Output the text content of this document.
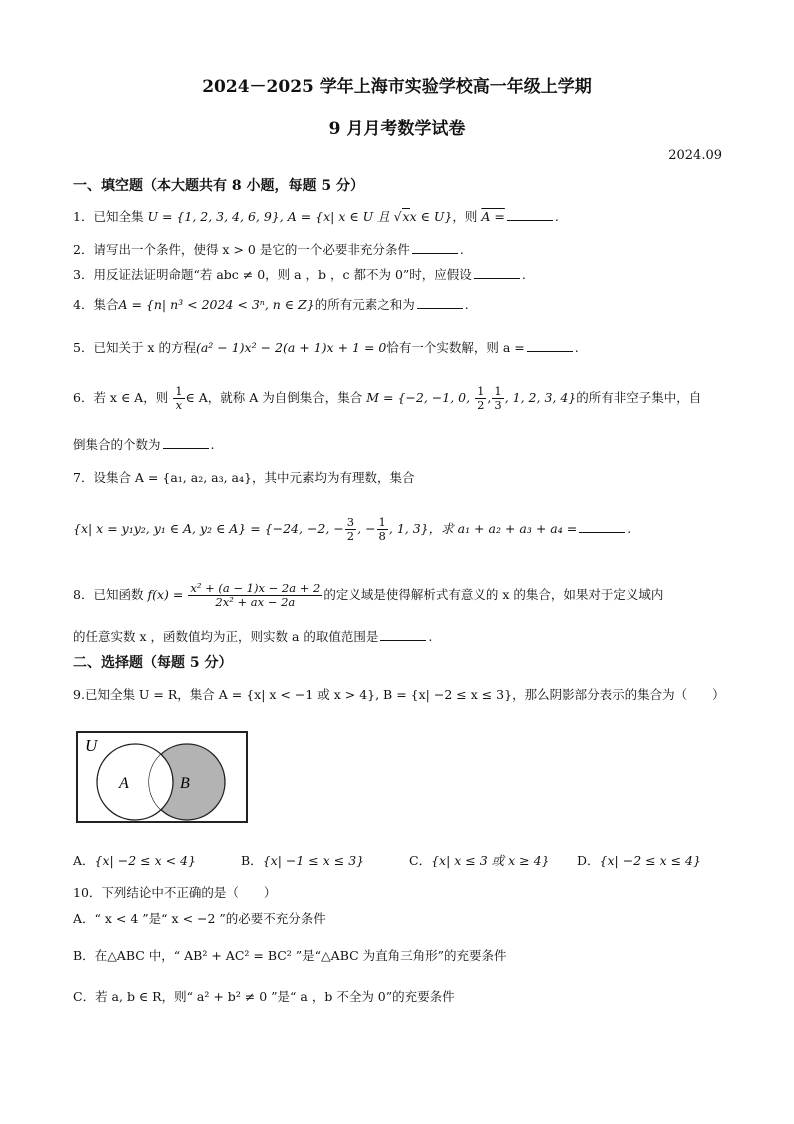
2024－2025 学年上海市实验学校高一年级上学期
9 月月考数学试卷
2024.09
一、填空题（本大题共有 8 小题，每题 5 分）
1．已知全集 U = {1, 2, 3, 4, 6, 9}, A = {x| x ∈ U 且 √xx ∈ U}，则 A =	.
2．请写出一个条件，使得 x > 0 是它的一个必要非充分条件	.
3．用反证法证明命题“若 abc ≠ 0，则 a ，b ，c 都不为 0”时，应假设	.
4．集合A = {n| n³ < 2024 < 3ⁿ, n ∈ Z}的所有元素之和为	.
5．已知关于 x 的方程(a² − 1)x² − 2(a + 1)x + 1 = 0恰有一个实数解，则 a =	.
6．若 x ∈ A，则 $\frac{1}{x}$ ∈ A，就称 A 为自倒集合，集合 M = {−2, −1, 0, $\frac{1}{2}$ , $\frac{1}{3}$ , 1, 2, 3, 4}的所有非空子集中，自
倒集合的个数为	.
7．设集合 A = {a₁, a₂, a₃, a₄}，其中元素均为有理数，集合
{x| x = y₁y₂, y₁ ∈ A, y₂ ∈ A} = {−24, −2, − $\frac{3}{2}$ , − $\frac{1}{8}$ , 1, 3}，求 a₁ + a₂ + a₃ + a₄ =	.
8．已知函数 $f(x) = \frac{\text{x² + (a − 1)x − 2a + 2}}{\text{2x² + ax − 2a}}$ 的定义域是使得解析式有意义的 x 的集合，如果对于定义域内
的任意实数 x ，函数值均为正，则实数 a 的取值范围是	.
二、选择题（每题 5 分）
9.已知全集 U = R，集合 A = {x| x < −1 或 x > 4}, B = {x| −2 ≤ x ≤ 3}，那么阴影部分表示的集合为（　　）
U
A	B
A．{x| −2 ≤ x < 4}	B．{x| −1 ≤ x ≤ 3}	C．{x| x ≤ 3 或 x ≥ 4} D．{x| −2 ≤ x ≤ 4}
10．下列结论中不正确的是（　　）
A．“ x < 4 ”是“ x < −2 ”的必要不充分条件
B．在△ABC 中，“ AB² + AC² = BC² ”是“△ABC 为直角三角形”的充要条件
C．若 a, b ∈ R，则“ a² + b² ≠ 0 ”是“ a ，b 不全为 0”的充要条件
